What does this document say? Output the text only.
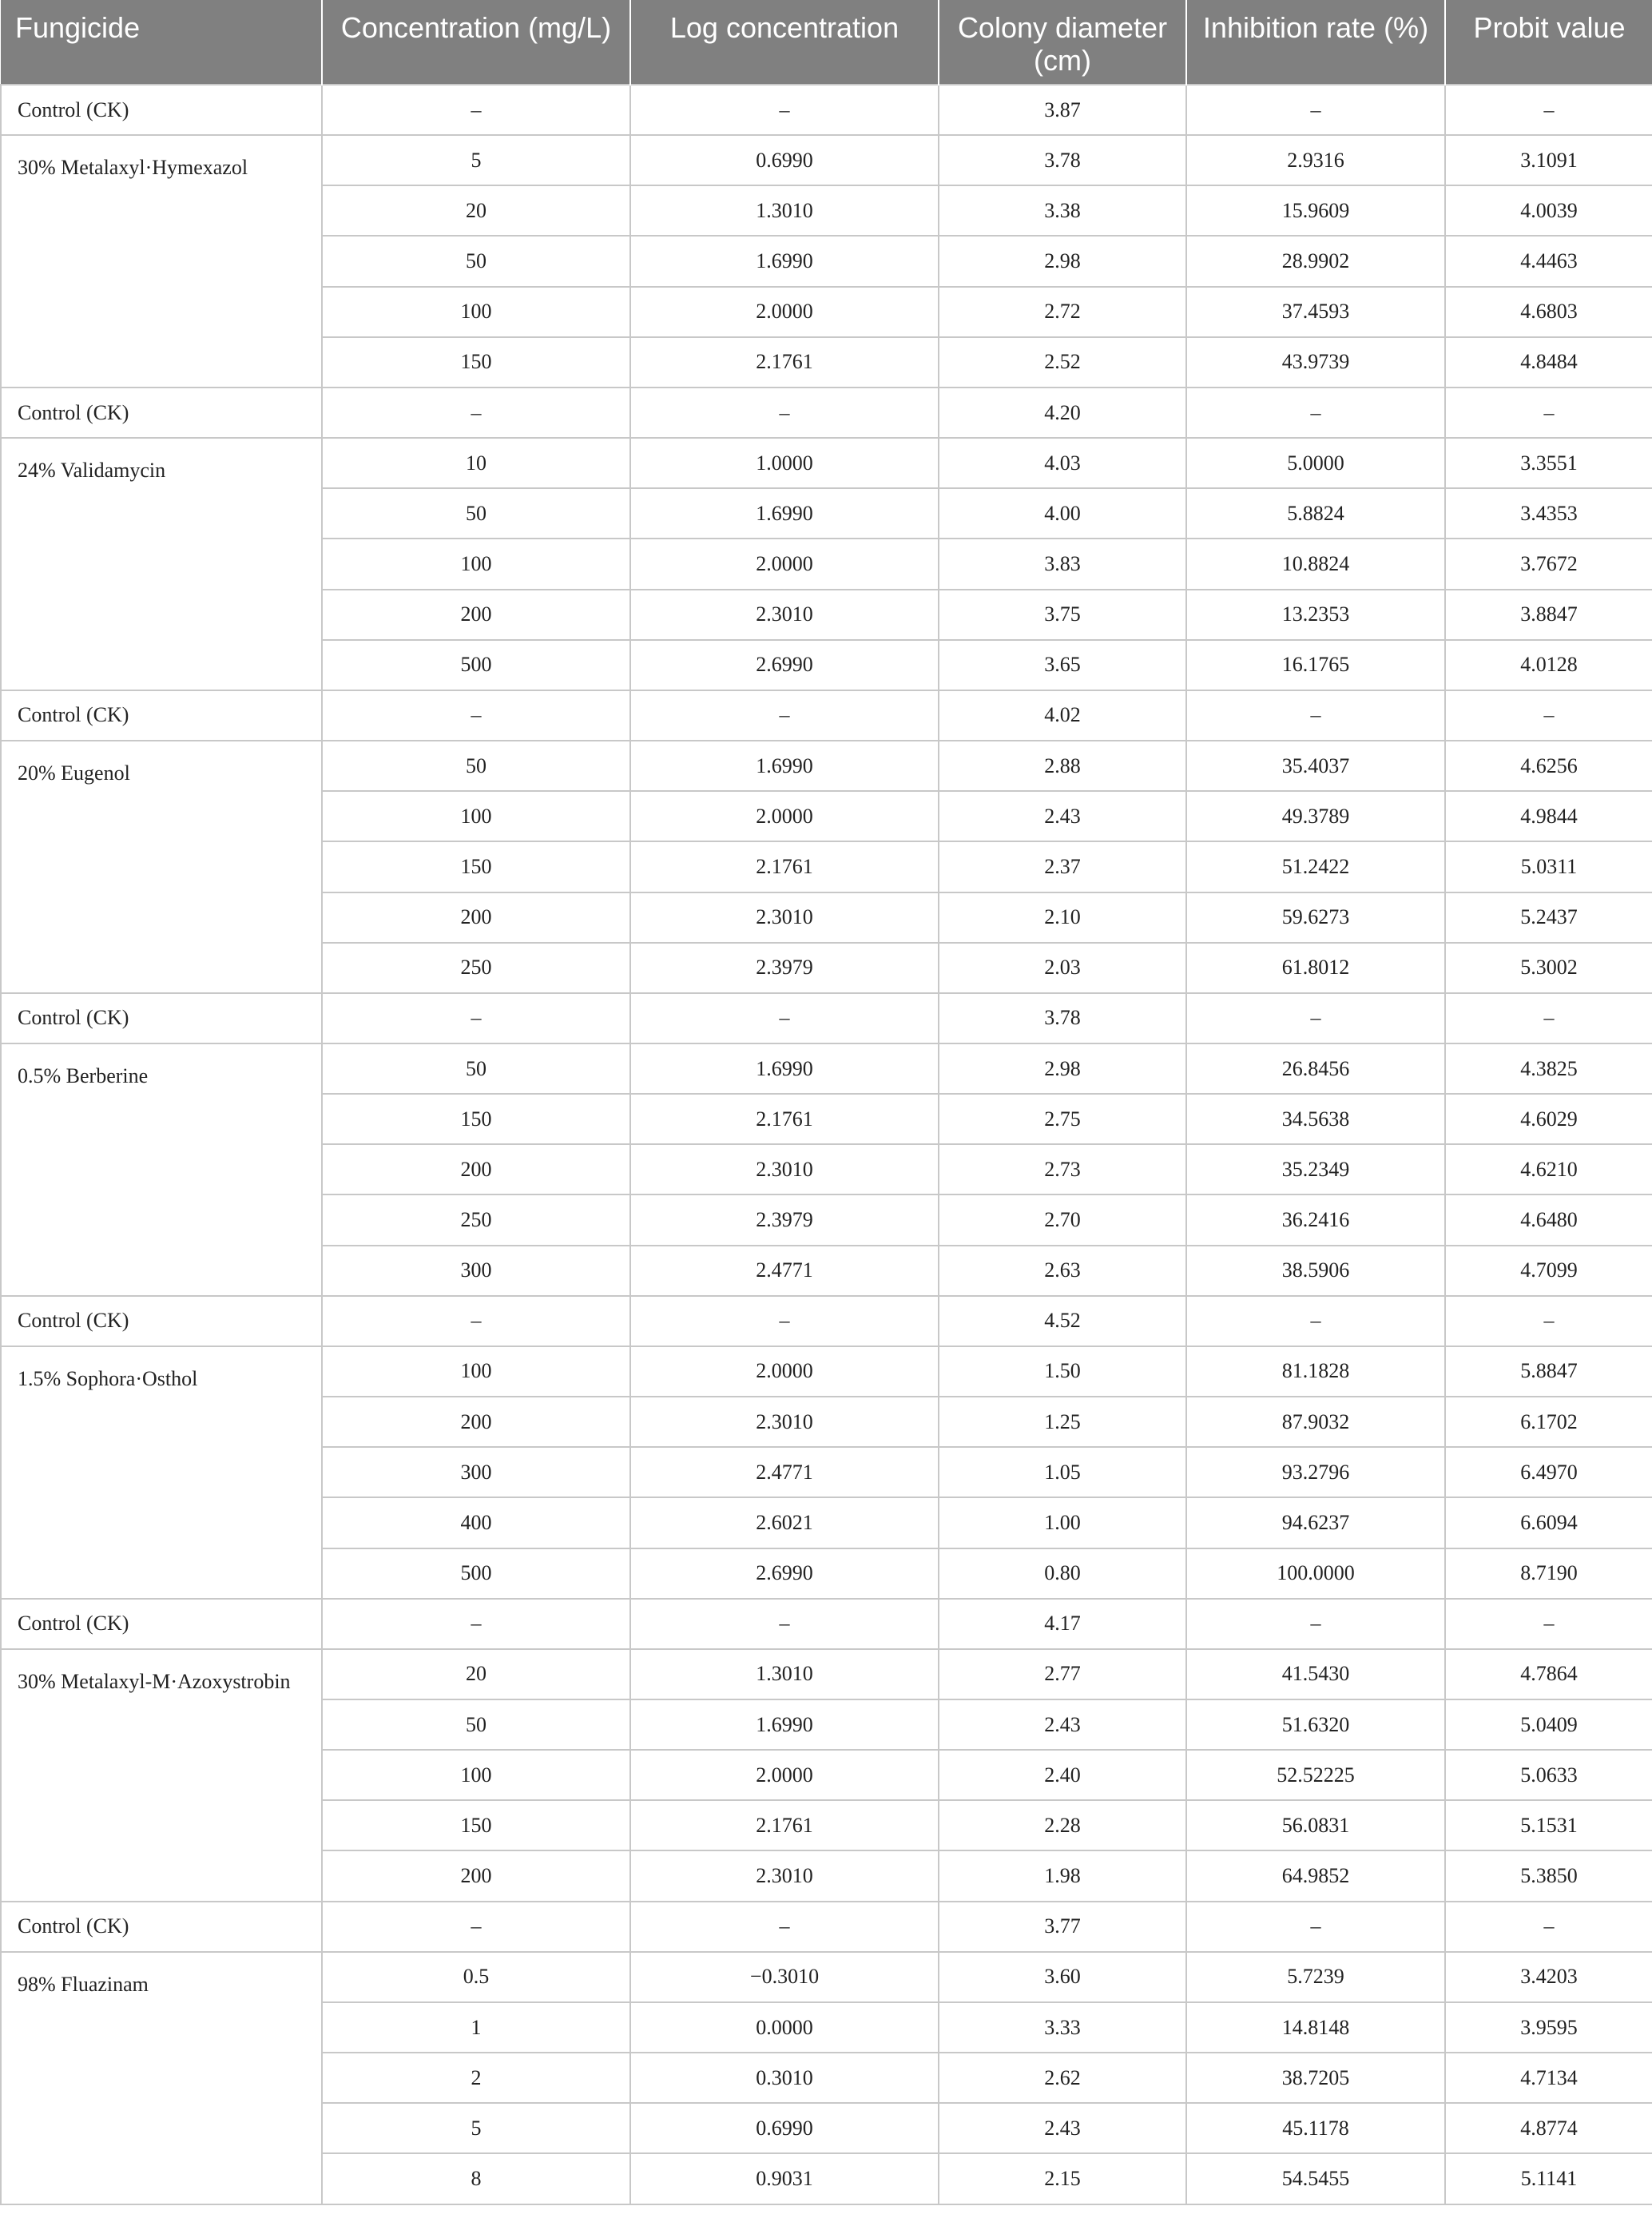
Fungicide	Concentration (mg/L)	Log concentration	Colony diameter (cm)	Inhibition rate (%)	Probit value
Control (CK)	–	–	3.87	–	–
30% Metalaxyl·Hymexazol	5	0.6990	3.78	2.9316	3.1091
	20	1.3010	3.38	15.9609	4.0039
	50	1.6990	2.98	28.9902	4.4463
	100	2.0000	2.72	37.4593	4.6803
	150	2.1761	2.52	43.9739	4.8484
Control (CK)	–	–	4.20	–	–
24% Validamycin	10	1.0000	4.03	5.0000	3.3551
	50	1.6990	4.00	5.8824	3.4353
	100	2.0000	3.83	10.8824	3.7672
	200	2.3010	3.75	13.2353	3.8847
	500	2.6990	3.65	16.1765	4.0128
Control (CK)	–	–	4.02	–	–
20% Eugenol	50	1.6990	2.88	35.4037	4.6256
	100	2.0000	2.43	49.3789	4.9844
	150	2.1761	2.37	51.2422	5.0311
	200	2.3010	2.10	59.6273	5.2437
	250	2.3979	2.03	61.8012	5.3002
Control (CK)	–	–	3.78	–	–
0.5% Berberine	50	1.6990	2.98	26.8456	4.3825
	150	2.1761	2.75	34.5638	4.6029
	200	2.3010	2.73	35.2349	4.6210
	250	2.3979	2.70	36.2416	4.6480
	300	2.4771	2.63	38.5906	4.7099
Control (CK)	–	–	4.52	–	–
1.5% Sophora·Osthol	100	2.0000	1.50	81.1828	5.8847
	200	2.3010	1.25	87.9032	6.1702
	300	2.4771	1.05	93.2796	6.4970
	400	2.6021	1.00	94.6237	6.6094
	500	2.6990	0.80	100.0000	8.7190
Control (CK)	–	–	4.17	–	–
30% Metalaxyl-M·Azoxystrobin	20	1.3010	2.77	41.5430	4.7864
	50	1.6990	2.43	51.6320	5.0409
	100	2.0000	2.40	52.52225	5.0633
	150	2.1761	2.28	56.0831	5.1531
	200	2.3010	1.98	64.9852	5.3850
Control (CK)	–	–	3.77	–	–
98% Fluazinam	0.5	−0.3010	3.60	5.7239	3.4203
	1	0.0000	3.33	14.8148	3.9595
	2	0.3010	2.62	38.7205	4.7134
	5	0.6990	2.43	45.1178	4.8774
	8	0.9031	2.15	54.5455	5.1141
